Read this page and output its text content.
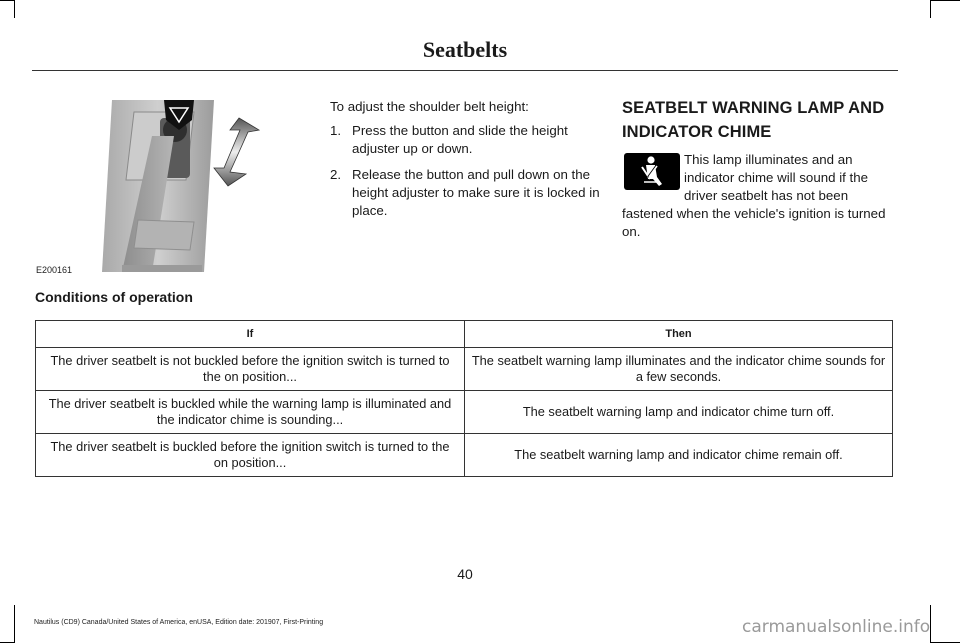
Seatbelts
E200161
To adjust the shoulder belt height:
1. Press the button and slide the height adjuster up or down.
2. Release the button and pull down on the height adjuster to make sure it is locked in place.
SEATBELT WARNING LAMP AND INDICATOR CHIME
This lamp illuminates and an indicator chime will sound if the driver seatbelt has not been fastened when the vehicle's ignition is turned on.
Conditions of operation
If	Then
The driver seatbelt is not buckled before the ignition switch is turned to the on position...	The seatbelt warning lamp illuminates and the indicator chime sounds for a few seconds.
The driver seatbelt is buckled while the warning lamp is illuminated and the indicator chime is sounding...	The seatbelt warning lamp and indicator chime turn off.
The driver seatbelt is buckled before the ignition switch is turned to the on position...	The seatbelt warning lamp and indicator chime remain off.
40
Nautilus (CD9) Canada/United States of America, enUSA, Edition date: 201907, First-Printing	carmanualsonline.info
